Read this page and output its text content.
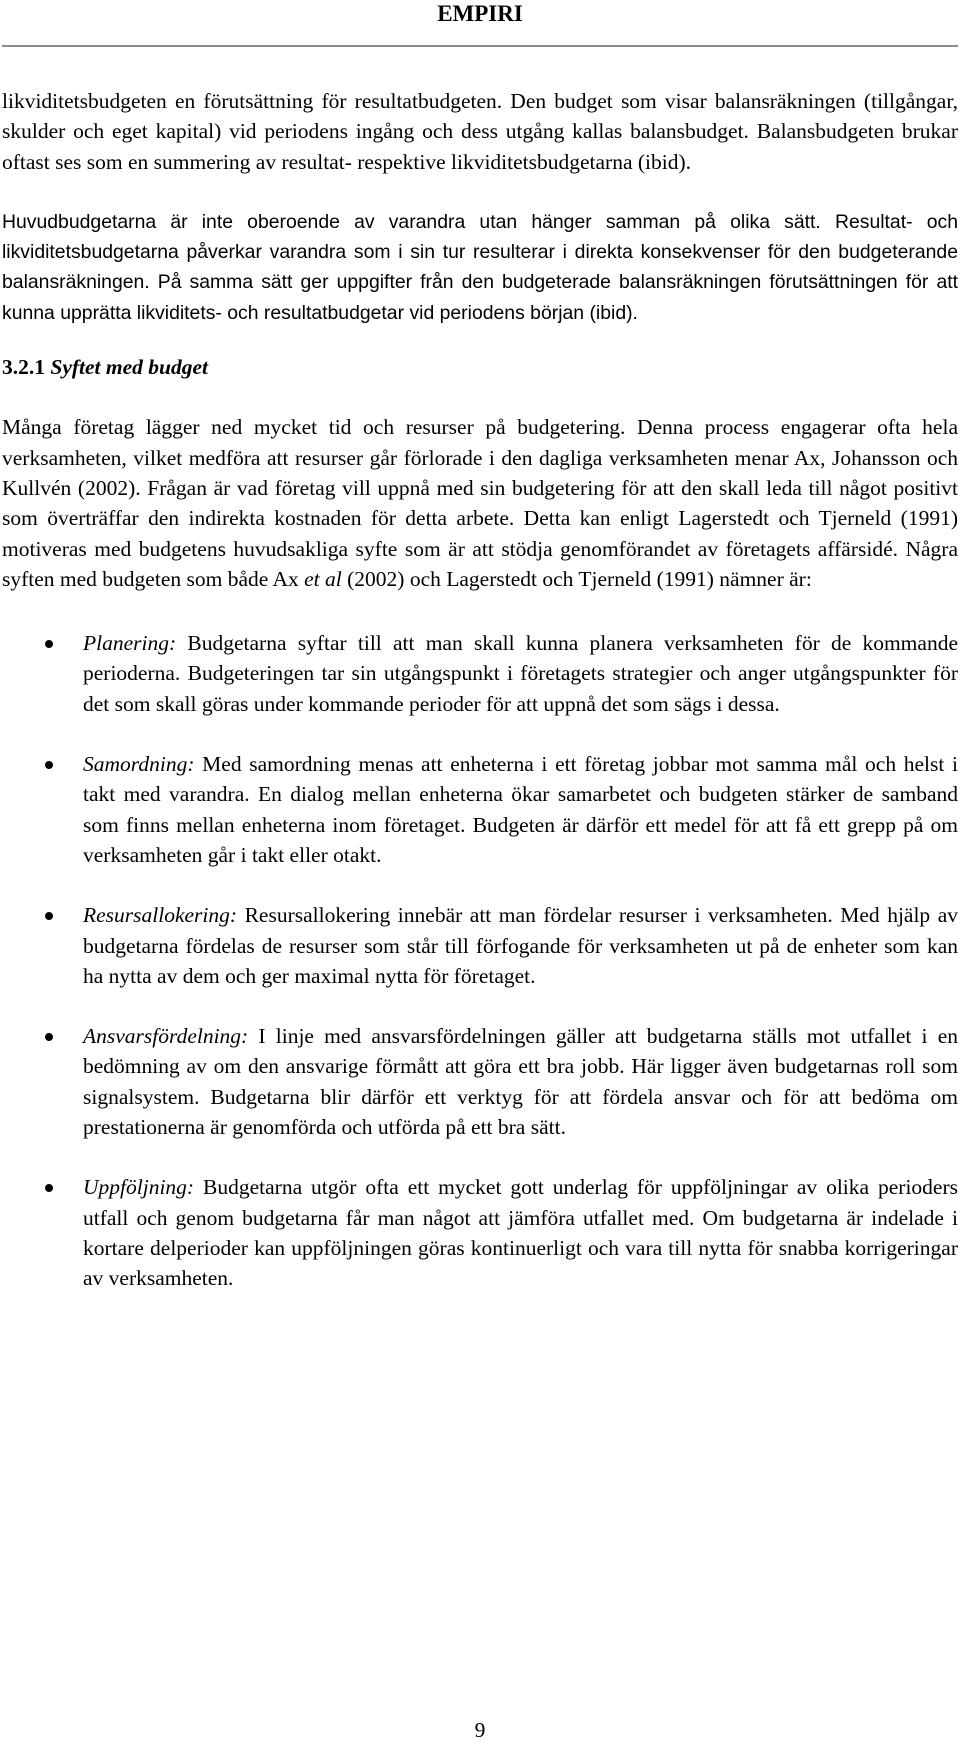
EMPIRI

likviditetsbudgeten en förutsättning för resultatbudgeten. Den budget som visar balansräkningen (tillgångar, skulder och eget kapital) vid periodens ingång och dess utgång kallas balansbudget. Balansbudgeten brukar oftast ses som en summering av resultat- respektive likviditetsbudgetarna (ibid).

Huvudbudgetarna är inte oberoende av varandra utan hänger samman på olika sätt. Resultat- och likviditetsbudgetarna påverkar varandra som i sin tur resulterar i direkta konsekvenser för den budgeterande balansräkningen. På samma sätt ger uppgifter från den budgeterade balansräkningen förutsättningen för att kunna upprätta likviditets- och resultatbudgetar vid periodens början (ibid).

3.2.1 Syftet med budget

Många företag lägger ned mycket tid och resurser på budgetering. Denna process engagerar ofta hela verksamheten, vilket medföra att resurser går förlorade i den dagliga verksamheten menar Ax, Johansson och Kullvén (2002). Frågan är vad företag vill uppnå med sin budgetering för att den skall leda till något positivt som överträffar den indirekta kostnaden för detta arbete. Detta kan enligt Lagerstedt och Tjerneld (1991) motiveras med budgetens huvudsakliga syfte som är att stödja genomförandet av företagets affärsidé. Några syften med budgeten som både Ax et al (2002) och Lagerstedt och Tjerneld (1991) nämner är:

Planering: Budgetarna syftar till att man skall kunna planera verksamheten för de kommande perioderna. Budgeteringen tar sin utgångspunkt i företagets strategier och anger utgångspunkter för det som skall göras under kommande perioder för att uppnå det som sägs i dessa.

Samordning: Med samordning menas att enheterna i ett företag jobbar mot samma mål och helst i takt med varandra. En dialog mellan enheterna ökar samarbetet och budgeten stärker de samband som finns mellan enheterna inom företaget. Budgeten är därför ett medel för att få ett grepp på om verksamheten går i takt eller otakt.

Resursallokering: Resursallokering innebär att man fördelar resurser i verksamheten. Med hjälp av budgetarna fördelas de resurser som står till förfogande för verksamheten ut på de enheter som kan ha nytta av dem och ger maximal nytta för företaget.

Ansvarsfördelning: I linje med ansvarsfördelningen gäller att budgetarna ställs mot utfallet i en bedömning av om den ansvarige förmått att göra ett bra jobb. Här ligger även budgetarnas roll som signalsystem. Budgetarna blir därför ett verktyg för att fördela ansvar och för att bedöma om prestationerna är genomförda och utförda på ett bra sätt.

Uppföljning: Budgetarna utgör ofta ett mycket gott underlag för uppföljningar av olika perioders utfall och genom budgetarna får man något att jämföra utfallet med. Om budgetarna är indelade i kortare delperioder kan uppföljningen göras kontinuerligt och vara till nytta för snabba korrigeringar av verksamheten.

9
